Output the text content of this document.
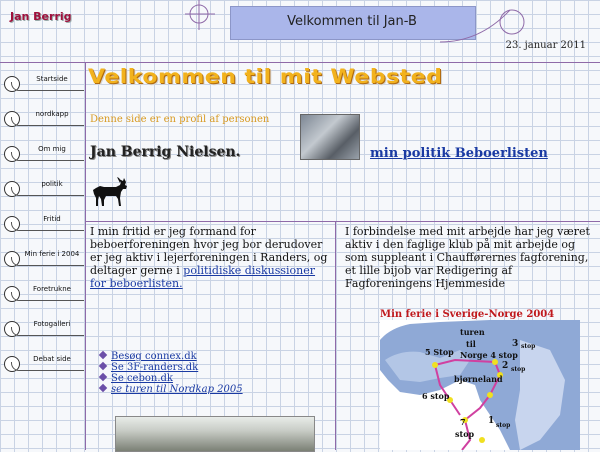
Jan Berrig	Velkommen til Jan-B
23. januar 2011
Startside
nordkapp
Om mig
politik
Fritid
Min ferie i 2004
Foretrukne
Fotogalleri
Debat side
Velkommen til mit Websted
Denne side er en profil af personen
Jan Berrig Nielsen.	min politik Beboerlisten
I min fritid er jeg formand for beboerforeningen hvor jeg bor derudover er jeg aktiv i lejerforeningen i Randers, og deltager gerne i politidiske diskussioner for beboerlisten.
I forbindelse med mit arbejde har jeg været aktiv i den faglige klub på mit arbejde og som suppleant i Chaufførernes fagforening, et lille bijob var Redigering af Fagforeningens Hjemmeside
Besøg connex.dk
Se 3F-randers.dk
Se cebon.dk
se turen til Nordkap 2005
Min ferie i Sverige-Norge 2004
turen
til
Norge 4 stop
3 stop
5 Stop
2 stop
bjørneland
6 stop
7
stop
1 stop
